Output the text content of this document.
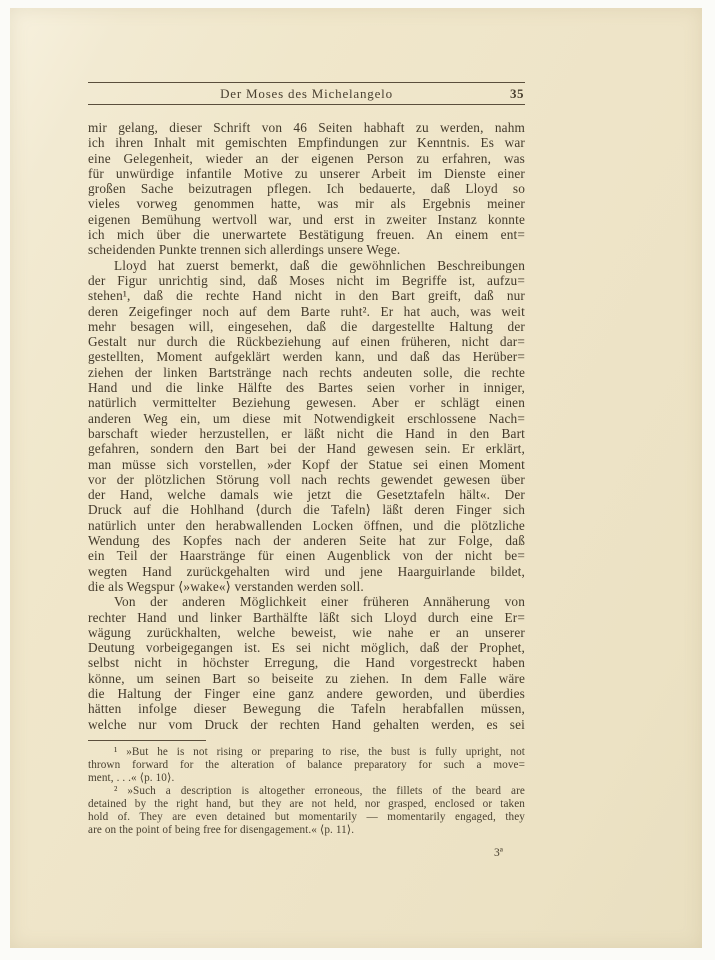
Der Moses des Michelangelo	35
mir gelang, dieser Schrift von 46 Seiten habhaft zu werden, nahm
ich ihren Inhalt mit gemischten Empfindungen zur Kenntnis. Es war
eine Gelegenheit, wieder an der eigenen Person zu erfahren, was
für unwürdige infantile Motive zu unserer Arbeit im Dienste einer
großen Sache beizutragen pflegen. Ich bedauerte, daß Lloyd so
vieles vorweg genommen hatte, was mir als Ergebnis meiner
eigenen Bemühung wertvoll war, und erst in zweiter Instanz konnte
ich mich über die unerwartete Bestätigung freuen. An einem ent=
scheidenden Punkte trennen sich allerdings unsere Wege.
Lloyd hat zuerst bemerkt, daß die gewöhnlichen Beschreibungen
der Figur unrichtig sind, daß Moses nicht im Begriffe ist, aufzu=
stehen¹, daß die rechte Hand nicht in den Bart greift, daß nur
deren Zeigefinger noch auf dem Barte ruht². Er hat auch, was weit
mehr besagen will, eingesehen, daß die dargestellte Haltung der
Gestalt nur durch die Rückbeziehung auf einen früheren, nicht dar=
gestellten, Moment aufgeklärt werden kann, und daß das Herüber=
ziehen der linken Bartstränge nach rechts andeuten solle, die rechte
Hand und die linke Hälfte des Bartes seien vorher in inniger,
natürlich vermittelter Beziehung gewesen. Aber er schlägt einen
anderen Weg ein, um diese mit Notwendigkeit erschlossene Nach=
barschaft wieder herzustellen, er läßt nicht die Hand in den Bart
gefahren, sondern den Bart bei der Hand gewesen sein. Er erklärt,
man müsse sich vorstellen, »der Kopf der Statue sei einen Moment
vor der plötzlichen Störung voll nach rechts gewendet gewesen über
der Hand, welche damals wie jetzt die Gesetztafeln hält«. Der
Druck auf die Hohlhand ⟨durch die Tafeln⟩ läßt deren Finger sich
natürlich unter den herabwallenden Locken öffnen, und die plötzliche
Wendung des Kopfes nach der anderen Seite hat zur Folge, daß
ein Teil der Haarstränge für einen Augenblick von der nicht be=
wegten Hand zurückgehalten wird und jene Haarguirlande bildet,
die als Wegspur ⟨»wake«⟩ verstanden werden soll.
Von der anderen Möglichkeit einer früheren Annäherung von
rechter Hand und linker Barthälfte läßt sich Lloyd durch eine Er=
wägung zurückhalten, welche beweist, wie nahe er an unserer
Deutung vorbeigegangen ist. Es sei nicht möglich, daß der Prophet,
selbst nicht in höchster Erregung, die Hand vorgestreckt haben
könne, um seinen Bart so beiseite zu ziehen. In dem Falle wäre
die Haltung der Finger eine ganz andere geworden, und überdies
hätten infolge dieser Bewegung die Tafeln herabfallen müssen,
welche nur vom Druck der rechten Hand gehalten werden, es sei
¹ »But he is not rising or preparing to rise, the bust is fully upright, not
thrown forward for the alteration of balance preparatory for such a move=
ment, . . .« ⟨p. 10⟩.
² »Such a description is altogether erroneous, the fillets of the beard are
detained by the right hand, but they are not held, nor grasped, enclosed or taken
hold of. They are even detained but momentarily — momentarily engaged, they
are on the point of being free for disengagement.« ⟨p. 11⟩.
3ª
